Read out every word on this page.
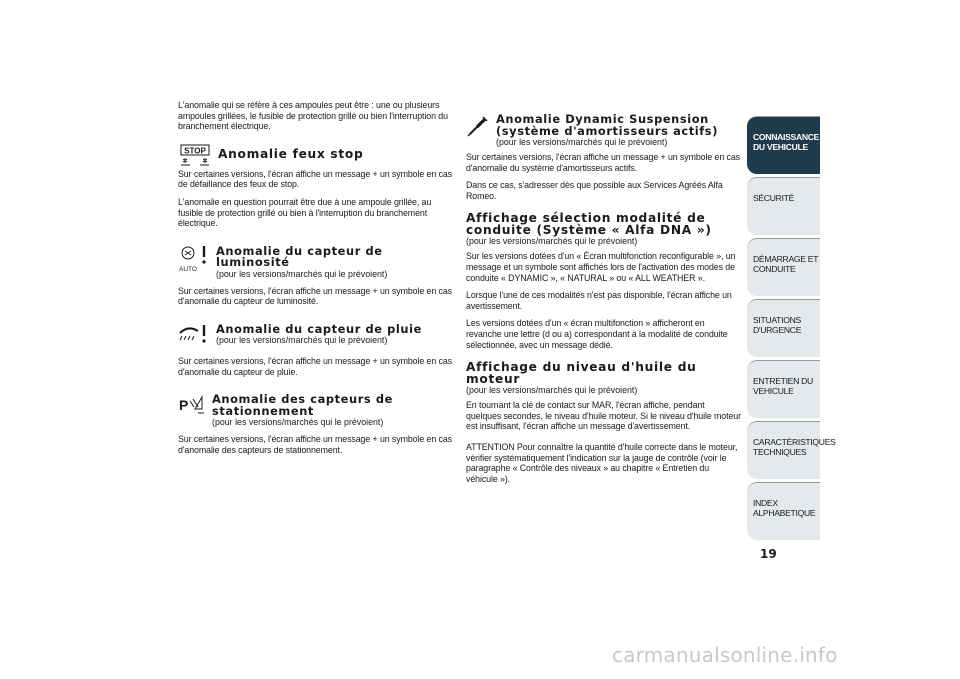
L'anomalie qui se réfère à ces ampoules peut être : une ou plusieurs ampoules grillées, le fusible de protection grillé ou bien l'interruption du branchement électrique.

STOP Anomalie feux stop

Sur certaines versions, l'écran affiche un message + un symbole en cas de défaillance des feux de stop.

L'anomalie en question pourrait être due à une ampoule grillée, au fusible de protection grillé ou bien à l'interruption du branchement électrique.

AUTO

Anomalie du capteur de luminosité

(pour les versions/marchés qui le prévoient)

Sur certaines versions, l'écran affiche un message + un symbole en cas d'anomalie du capteur de luminosité.

Anomalie du capteur de pluie

(pour les versions/marchés qui le prévoient)

Sur certaines versions, l'écran affiche un message + un symbole en cas d'anomalie du capteur de pluie.

P Anomalie des capteurs de stationnement

(pour les versions/marchés qui le prévoient)

Sur certaines versions, l'écran affiche un message + un symbole en cas d'anomalie des capteurs de stationnement.

Anomalie Dynamic Suspension (système d'amortisseurs actifs)

(pour les versions/marchés qui le prévoient)

Sur certaines versions, l'écran affiche un message + un symbole en cas d'anomalie du système d'amortisseurs actifs.

Dans ce cas, s'adresser dès que possible aux Services Agréés Alfa Romeo.

Affichage sélection modalité de conduite (Système « Alfa DNA »)

(pour les versions/marchés qui le prévoient)

Sur les versions dotées d'un « Écran multifonction reconfigurable », un message et un symbole sont affichés lors de l'activation des modes de conduite « DYNAMIC », « NATURAL » ou « ALL WEATHER ».

Lorsque l'une de ces modalités n'est pas disponible, l'écran affiche un avertissement.

Les versions dotées d'un « écran multifonction » afficheront en revanche une lettre (d ou a) correspondant à la modalité de conduite sélectionnée, avec un message dédié.

Affichage du niveau d'huile du moteur

(pour les versions/marchés qui le prévoient)

En tournant la clé de contact sur MAR, l'écran affiche, pendant quelques secondes, le niveau d'huile moteur. Si le niveau d'huile moteur est insuffisant, l'écran affiche un message d'avertissement.

ATTENTION Pour connaître la quantité d'huile correcte dans le moteur, vérifier systématiquement l'indication sur la jauge de contrôle (voir le paragraphe « Contrôle des niveaux » au chapitre « Entretien du véhicule »).

CONNAISSANCE
DU VEHICULE
SÉCURITÉ
DÉMARRAGE ET
CONDUITE
SITUATIONS
D'URGENCE
ENTRETIEN DU
VEHICULE
CARACTÉRISTIQUES
TECHNIQUES
INDEX
ALPHABETIQUE
19
carmanualsonline.info
